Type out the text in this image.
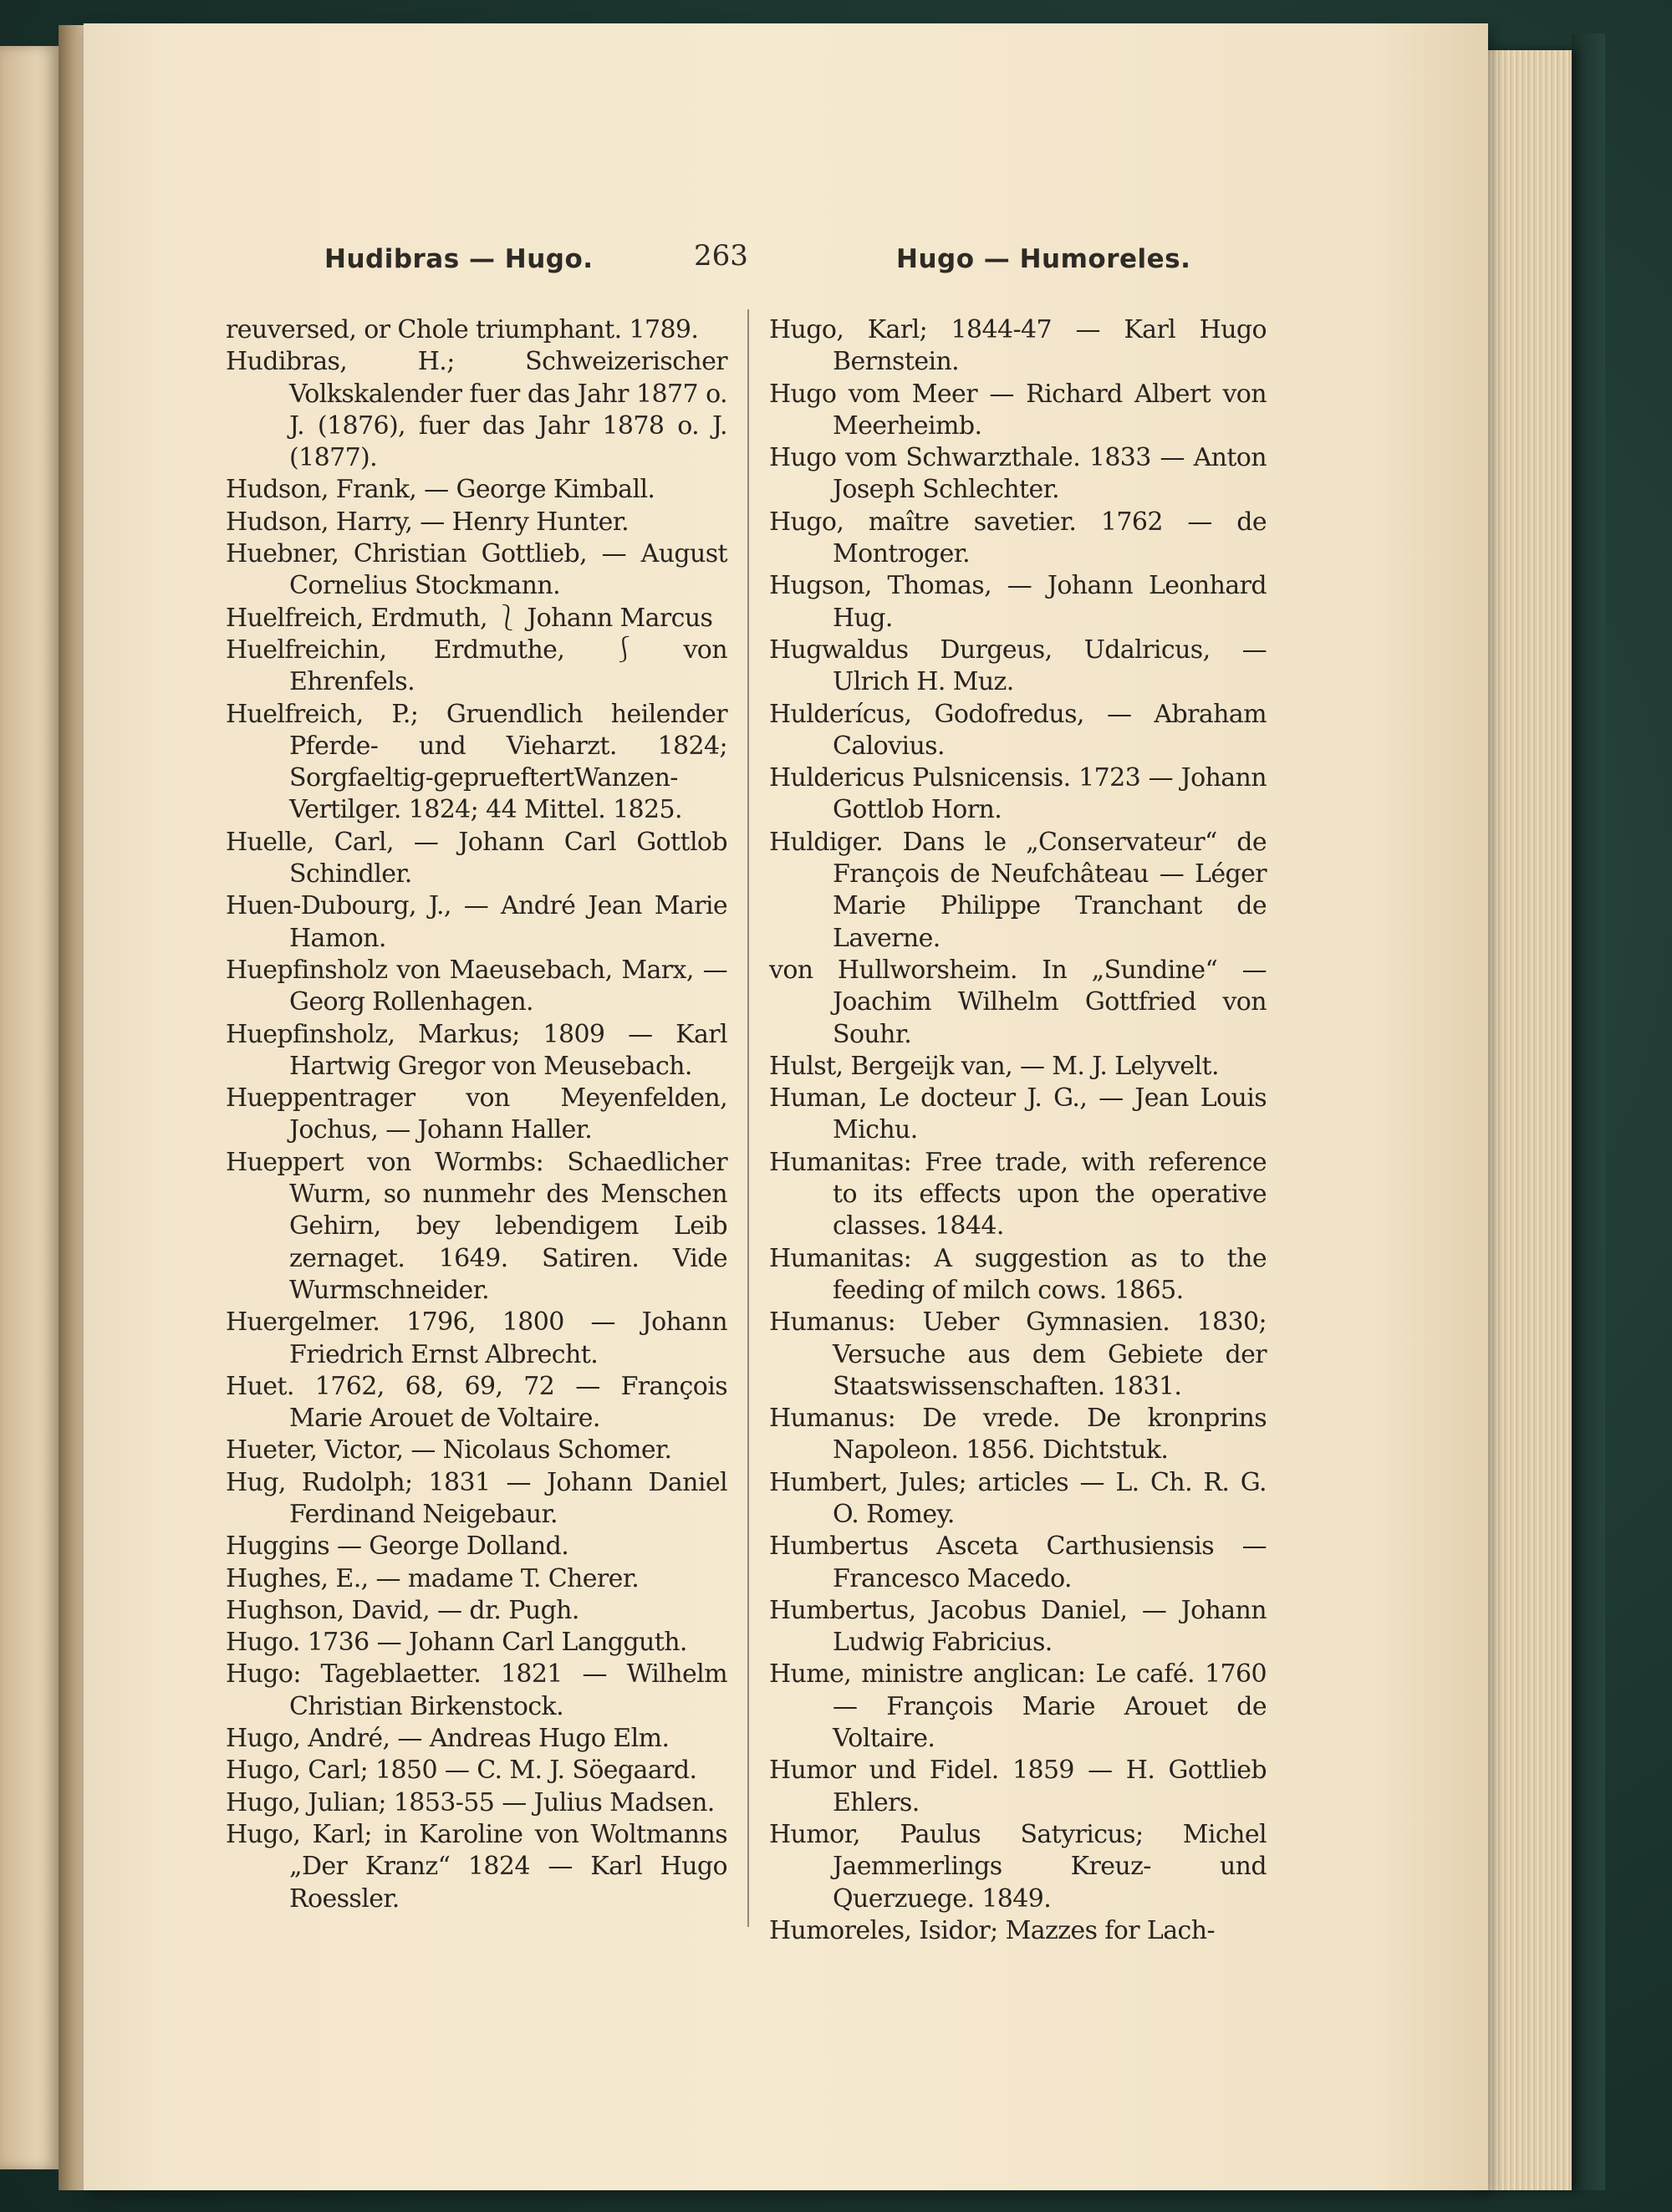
Hudibras — Hugo.	263	Hugo — Humoreles.
reuversed, or Chole triumphant. 1789.
Hudibras, H.; Schweizerischer Volkskalender fuer das Jahr 1877 o. J. (1876), fuer das Jahr 1878 o. J. (1877).
Hudson, Frank, — George Kimball.
Hudson, Harry, — Henry Hunter.
Huebner, Christian Gottlieb, — August Cornelius Stockmann.
Huelfreich, Erdmuth, ⎱ Johann Marcus
Huelfreichin, Erdmuthe, ⎰ von Ehrenfels.
Huelfreich, P.; Gruendlich heilender Pferde- und Vieharzt. 1824; Sorgfaeltig-geprueftertWanzen-Vertilger. 1824; 44 Mittel. 1825.
Huelle, Carl, — Johann Carl Gottlob Schindler.
Huen-Dubourg, J., — André Jean Marie Hamon.
Huepfinsholz von Maeusebach, Marx, — Georg Rollenhagen.
Huepfinsholz, Markus; 1809 — Karl Hartwig Gregor von Meusebach.
Hueppentrager von Meyenfelden, Jochus, — Johann Haller.
Hueppert von Wormbs: Schaedlicher Wurm, so nunmehr des Menschen Gehirn, bey lebendigem Leib zernaget. 1649. Satiren. Vide Wurmschneider.
Huergelmer. 1796, 1800 — Johann Friedrich Ernst Albrecht.
Huet. 1762, 68, 69, 72 — François Marie Arouet de Voltaire.
Hueter, Victor, — Nicolaus Schomer.
Hug, Rudolph; 1831 — Johann Daniel Ferdinand Neigebaur.
Huggins — George Dolland.
Hughes, E., — madame T. Cherer.
Hughson, David, — dr. Pugh.
Hugo. 1736 — Johann Carl Langguth.
Hugo: Tageblaetter. 1821 — Wilhelm Christian Birkenstock.
Hugo, André, — Andreas Hugo Elm.
Hugo, Carl; 1850 — C. M. J. Söegaard.
Hugo, Julian; 1853-55 — Julius Madsen.
Hugo, Karl; in Karoline von Woltmanns „Der Kranz“ 1824 — Karl Hugo Roessler.
Hugo, Karl; 1844-47 — Karl Hugo Bernstein.
Hugo vom Meer — Richard Albert von Meerheimb.
Hugo vom Schwarzthale. 1833 — Anton Joseph Schlechter.
Hugo, maître savetier. 1762 — de Montroger.
Hugson, Thomas, — Johann Leonhard Hug.
Hugwaldus Durgeus, Udalricus, — Ulrich H. Muz.
Hulderícus, Godofredus, — Abraham Calovius.
Huldericus Pulsnicensis. 1723 — Johann Gottlob Horn.
Huldiger. Dans le „Conservateur“ de François de Neufchâteau — Léger Marie Philippe Tranchant de Laverne.
von Hullworsheim. In „Sundine“ — Joachim Wilhelm Gottfried von Souhr.
Hulst, Bergeijk van, — M. J. Lelyvelt.
Human, Le docteur J. G., — Jean Louis Michu.
Humanitas: Free trade, with reference to its effects upon the operative classes. 1844.
Humanitas: A suggestion as to the feeding of milch cows. 1865.
Humanus: Ueber Gymnasien. 1830; Versuche aus dem Gebiete der Staatswissenschaften. 1831.
Humanus: De vrede. De kronprins Napoleon. 1856. Dichtstuk.
Humbert, Jules; articles — L. Ch. R. G. O. Romey.
Humbertus Asceta Carthusiensis — Francesco Macedo.
Humbertus, Jacobus Daniel, — Johann Ludwig Fabricius.
Hume, ministre anglican: Le café. 1760 — François Marie Arouet de Voltaire.
Humor und Fidel. 1859 — H. Gottlieb Ehlers.
Humor, Paulus Satyricus; Michel Jaemmerlings Kreuz- und Querzuege. 1849.
Humoreles, Isidor; Mazzes for Lach-
